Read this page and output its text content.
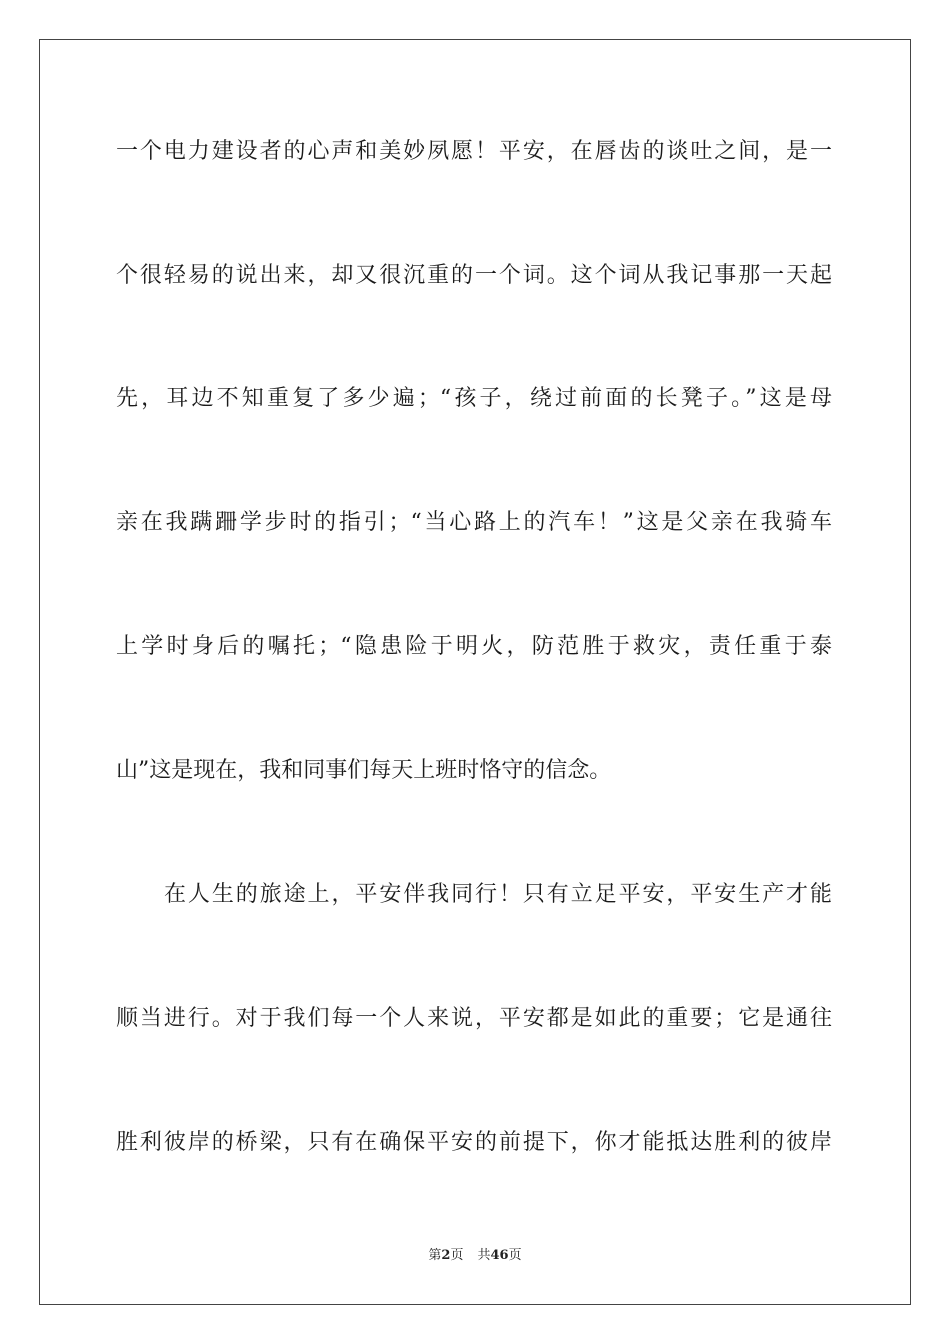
一个电力建设者的心声和美妙夙愿！平安，在唇齿的谈吐之间，是一
个很轻易的说出来，却又很沉重的一个词。这个词从我记事那一天起
先，耳边不知重复了多少遍；“孩子，绕过前面的长凳子。”这是母
亲在我蹒跚学步时的指引；“当心路上的汽车！”这是父亲在我骑车
上学时身后的嘱托；“隐患险于明火，防范胜于救灾，责任重于泰
山”这是现在，我和同事们每天上班时恪守的信念。
在人生的旅途上，平安伴我同行！只有立足平安，平安生产才能
顺当进行。对于我们每一个人来说，平安都是如此的重要；它是通往
胜利彼岸的桥梁，只有在确保平安的前提下，你才能抵达胜利的彼岸
第2页 共46页
